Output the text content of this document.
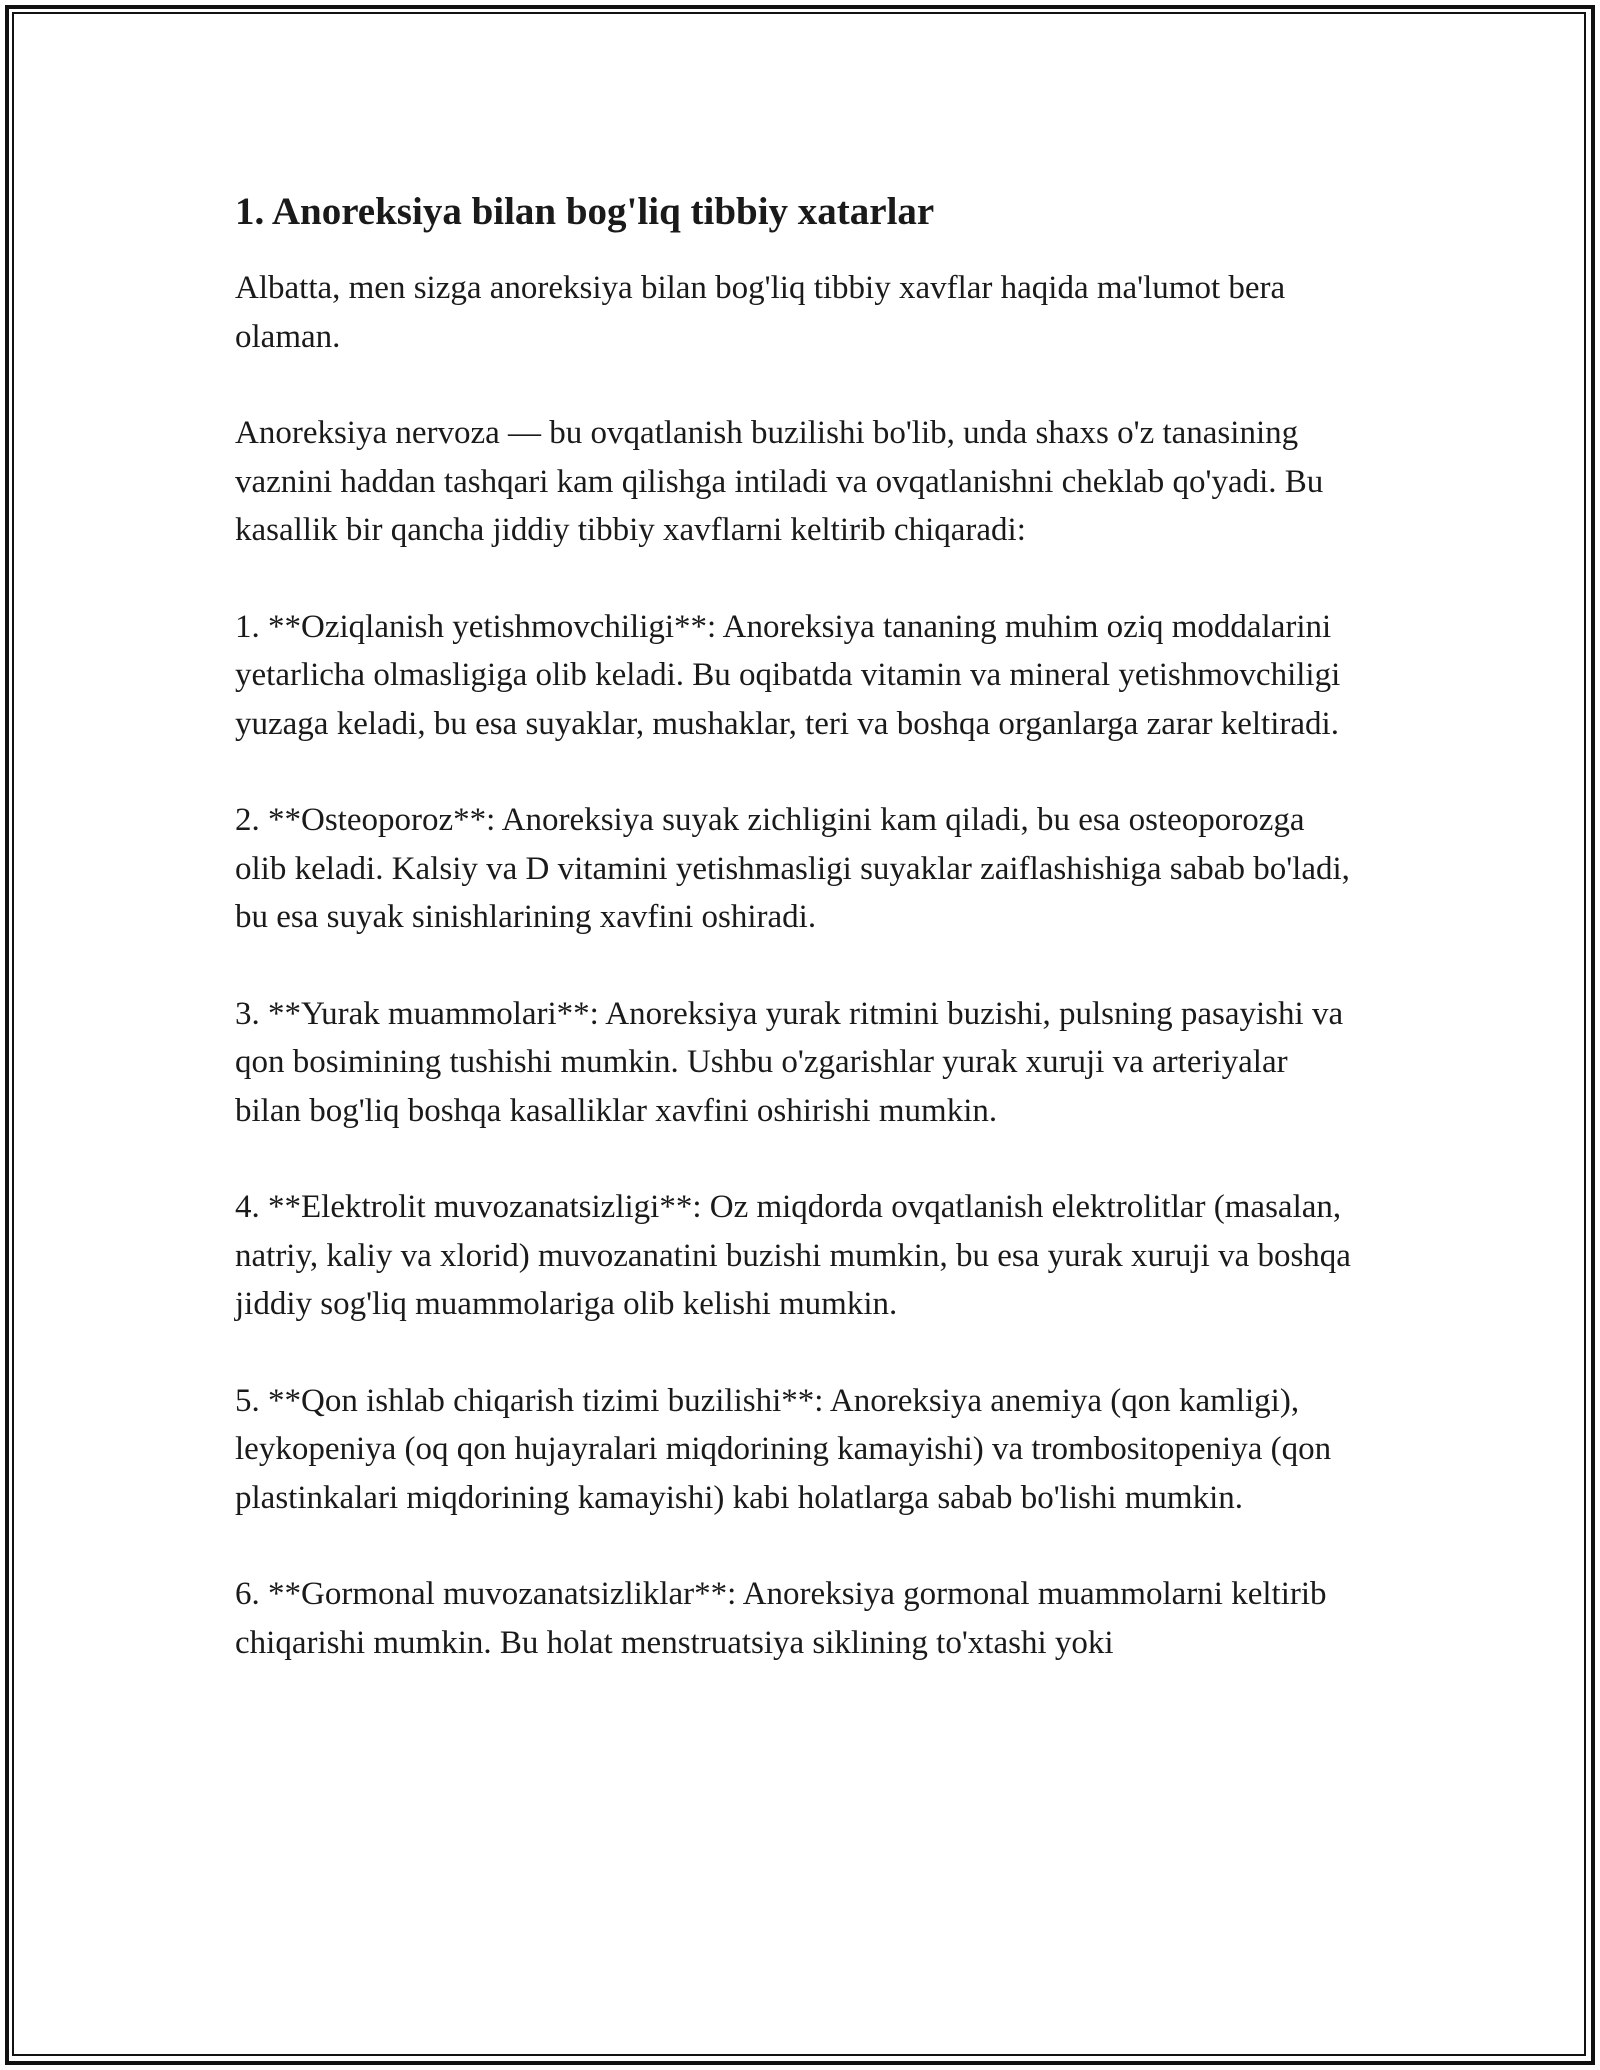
1. Anoreksiya bilan bog'liq tibbiy xatarlar

Albatta, men sizga anoreksiya bilan bog'liq tibbiy xavflar haqida ma'lumot bera olaman.

Anoreksiya nervoza — bu ovqatlanish buzilishi bo'lib, unda shaxs o'z tanasining vaznini haddan tashqari kam qilishga intiladi va ovqatlanishni cheklab qo'yadi. Bu kasallik bir qancha jiddiy tibbiy xavflarni keltirib chiqaradi:

1. **Oziqlanish yetishmovchiligi**: Anoreksiya tananing muhim oziq moddalarini yetarlicha olmasligiga olib keladi. Bu oqibatda vitamin va mineral yetishmovchiligi yuzaga keladi, bu esa suyaklar, mushaklar, teri va boshqa organlarga zarar keltiradi.

2. **Osteoporoz**: Anoreksiya suyak zichligini kam qiladi, bu esa osteoporozga olib keladi. Kalsiy va D vitamini yetishmasligi suyaklar zaiflashishiga sabab bo'ladi, bu esa suyak sinishlarining xavfini oshiradi.

3. **Yurak muammolari**: Anoreksiya yurak ritmini buzishi, pulsning pasayishi va qon bosimining tushishi mumkin. Ushbu o'zgarishlar yurak xuruji va arteriyalar bilan bog'liq boshqa kasalliklar xavfini oshirishi mumkin.

4. **Elektrolit muvozanatsizligi**: Oz miqdorda ovqatlanish elektrolitlar (masalan, natriy, kaliy va xlorid) muvozanatini buzishi mumkin, bu esa yurak xuruji va boshqa jiddiy sog'liq muammolariga olib kelishi mumkin.

5. **Qon ishlab chiqarish tizimi buzilishi**: Anoreksiya anemiya (qon kamligi), leykopeniya (oq qon hujayralari miqdorining kamayishi) va trombositopeniya (qon plastinkalari miqdorining kamayishi) kabi holatlarga sabab bo'lishi mumkin.

6. **Gormonal muvozanatsizliklar**: Anoreksiya gormonal muammolarni keltirib chiqarishi mumkin. Bu holat menstruatsiya siklining to'xtashi yoki
